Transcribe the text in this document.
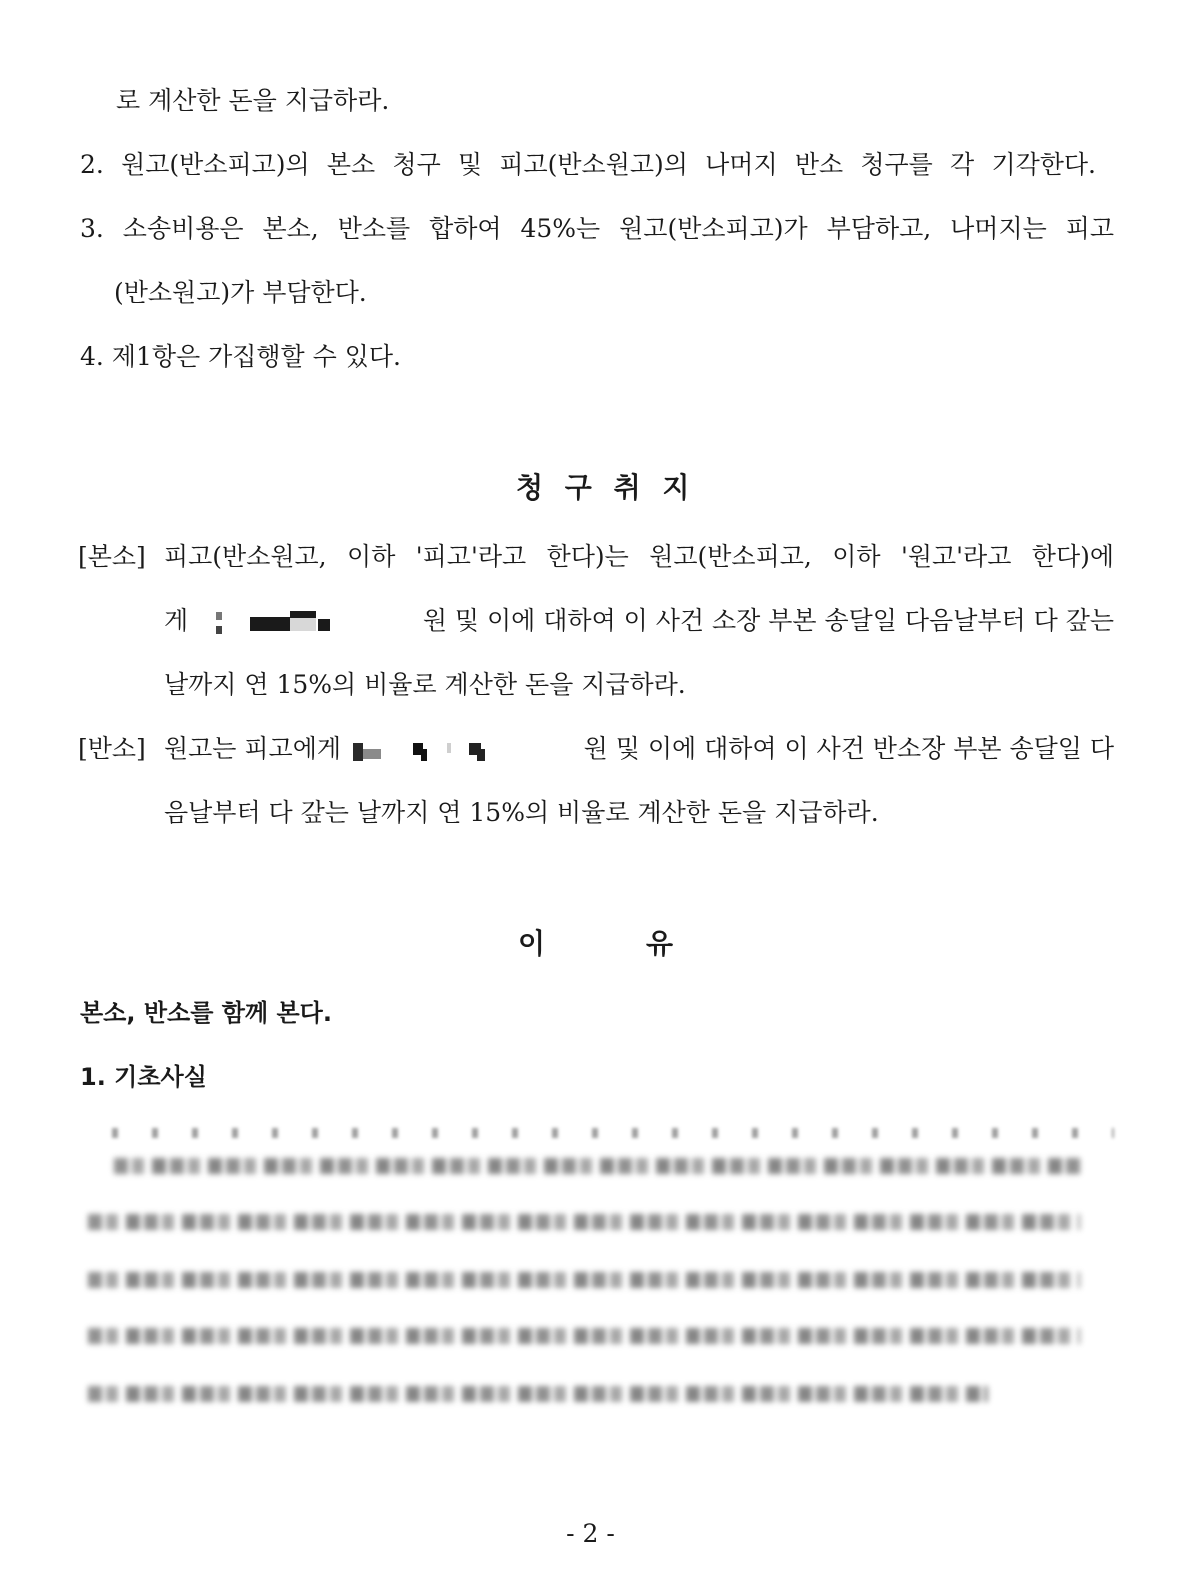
로 계산한 돈을 지급하라.
2. 원고(반소피고)의 본소 청구 및 피고(반소원고)의 나머지 반소 청구를 각 기각한다.
3. 소송비용은 본소, 반소를 합하여 45%는 원고(반소피고)가 부담하고, 나머지는 피고
(반소원고)가 부담한다.
4. 제1항은 가집행할 수 있다.
청 구 취 지
[본소] 피고(반소원고, 이하 '피고'라고 한다)는 원고(반소피고, 이하 '원고'라고 한다)에
게	원 및 이에 대하여 이 사건 소장 부본 송달일 다음날부터 다 갚는
날까지 연 15%의 비율로 계산한 돈을 지급하라.
[반소] 원고는 피고에게	원 및 이에 대하여 이 사건 반소장 부본 송달일 다
음날부터 다 갚는 날까지 연 15%의 비율로 계산한 돈을 지급하라.
이	유
본소, 반소를 함께 본다.
1. 기초사실
- 2 -
